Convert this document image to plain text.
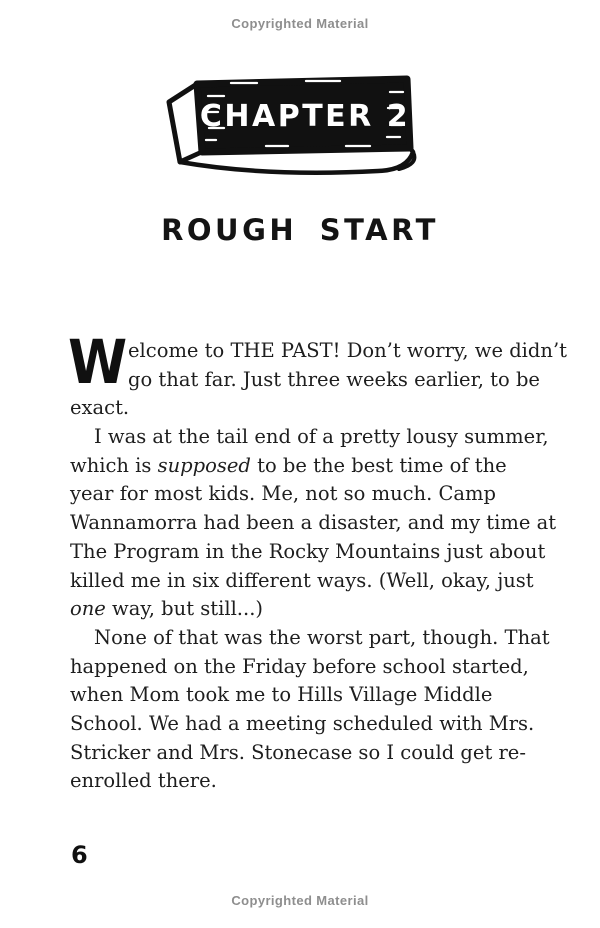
Copyrighted Material
CHAPTER 2
ROUGH START
W elcome to THE PAST! Don’t worry, we didn’t
go that far. Just three weeks earlier, to be
exact.
I was at the tail end of a pretty lousy summer,
which is supposed to be the best time of the
year for most kids. Me, not so much. Camp
Wannamorra had been a disaster, and my time at
The Program in the Rocky Mountains just about
killed me in six different ways. (Well, okay, just
one way, but still...)
None of that was the worst part, though. That
happened on the Friday before school started,
when Mom took me to Hills Village Middle
School. We had a meeting scheduled with Mrs.
Stricker and Mrs. Stonecase so I could get re-
enrolled there.
6
Copyrighted Material
